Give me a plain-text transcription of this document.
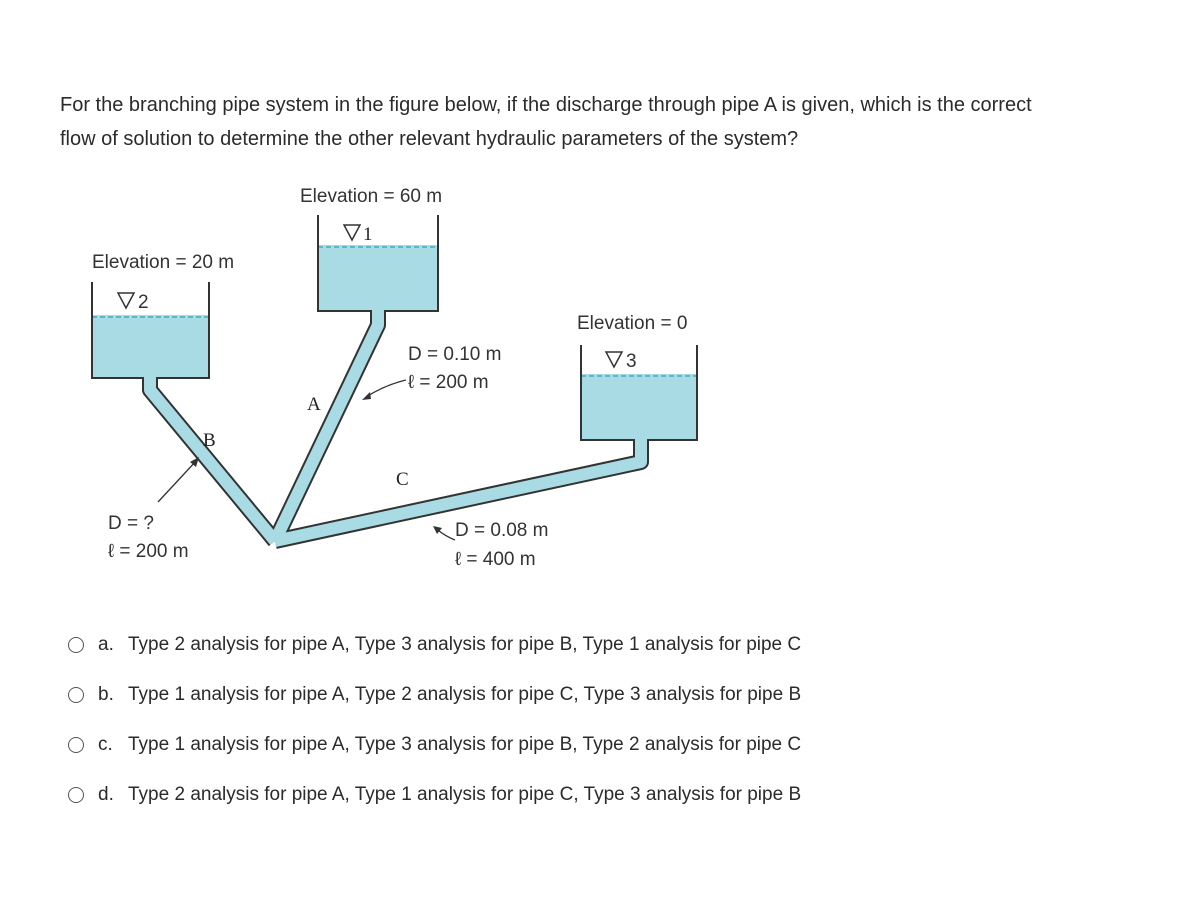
For the branching pipe system in the figure below, if the discharge through pipe A is given, which is the correct
flow of solution to determine the other relevant hydraulic parameters of the system?
Elevation = 60 m
Elevation = 20 m
Elevation = 0
1
2
3
A
D = 0.10 m
ℓ = 200 m
B
D = ?
ℓ = 200 m
C
D = 0.08 m
ℓ = 400 m
a. Type 2 analysis for pipe A, Type 3 analysis for pipe B, Type 1 analysis for pipe C
b. Type 1 analysis for pipe A, Type 2 analysis for pipe C, Type 3 analysis for pipe B
c. Type 1 analysis for pipe A, Type 3 analysis for pipe B, Type 2 analysis for pipe C
d. Type 2 analysis for pipe A, Type 1 analysis for pipe C, Type 3 analysis for pipe B
